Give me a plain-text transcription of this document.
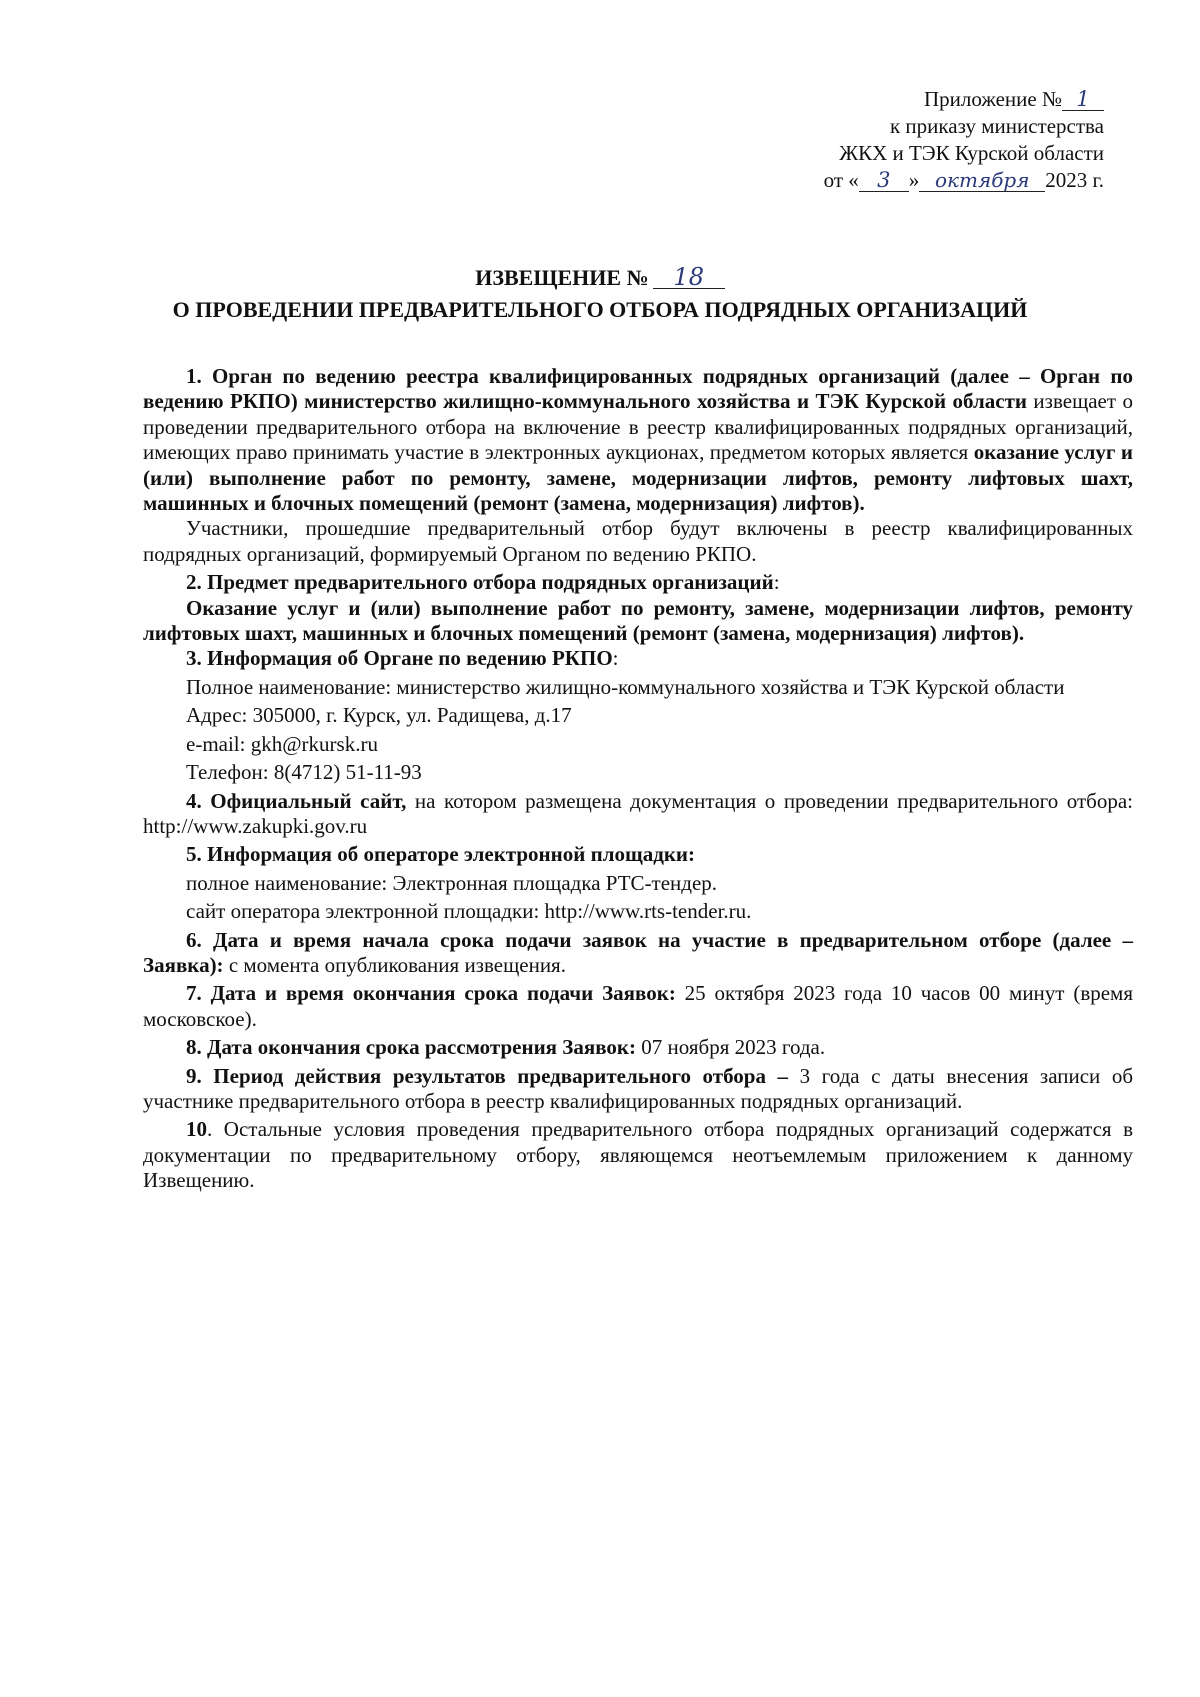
Приложение № 1
к приказу министерства
ЖКХ и ТЭК Курской области
от « 3 » октября 2023 г.
ИЗВЕЩЕНИЕ № 18
О ПРОВЕДЕНИИ ПРЕДВАРИТЕЛЬНОГО ОТБОРА ПОДРЯДНЫХ ОРГАНИЗАЦИЙ

1. Орган по ведению реестра квалифицированных подрядных организаций (далее – Орган по ведению РКПО) министерство жилищно-коммунального хозяйства и ТЭК Курской области извещает о проведении предварительного отбора на включение в реестр квалифицированных подрядных организаций, имеющих право принимать участие в электронных аукционах, предметом которых является оказание услуг и (или) выполнение работ по ремонту, замене, модернизации лифтов, ремонту лифтовых шахт, машинных и блочных помещений (ремонт (замена, модернизация) лифтов).

Участники, прошедшие предварительный отбор будут включены в реестр квалифицированных подрядных организаций, формируемый Органом по ведению РКПО.

2. Предмет предварительного отбора подрядных организаций:

Оказание услуг и (или) выполнение работ по ремонту, замене, модернизации лифтов, ремонту лифтовых шахт, машинных и блочных помещений (ремонт (замена, модернизация) лифтов).

3. Информация об Органе по ведению РКПО:

Полное наименование: министерство жилищно-коммунального хозяйства и ТЭК Курской области

Адрес: 305000, г. Курск, ул. Радищева, д.17

e-mail: gkh@rkursk.ru

Телефон: 8(4712) 51-11-93

4. Официальный сайт, на котором размещена документация о проведении предварительного отбора: http://www.zakupki.gov.ru

5. Информация об операторе электронной площадки:

полное наименование: Электронная площадка РТС-тендер.

сайт оператора электронной площадки: http://www.rts-tender.ru.

6. Дата и время начала срока подачи заявок на участие в предварительном отборе (далее – Заявка): с момента опубликования извещения.

7. Дата и время окончания срока подачи Заявок: 25 октября 2023 года 10 часов 00 минут (время московское).

8. Дата окончания срока рассмотрения Заявок: 07 ноября 2023 года.

9. Период действия результатов предварительного отбора – 3 года с даты внесения записи об участнике предварительного отбора в реестр квалифицированных подрядных организаций.

10. Остальные условия проведения предварительного отбора подрядных организаций содержатся в документации по предварительному отбору, являющемся неотъемлемым приложением к данному Извещению.
